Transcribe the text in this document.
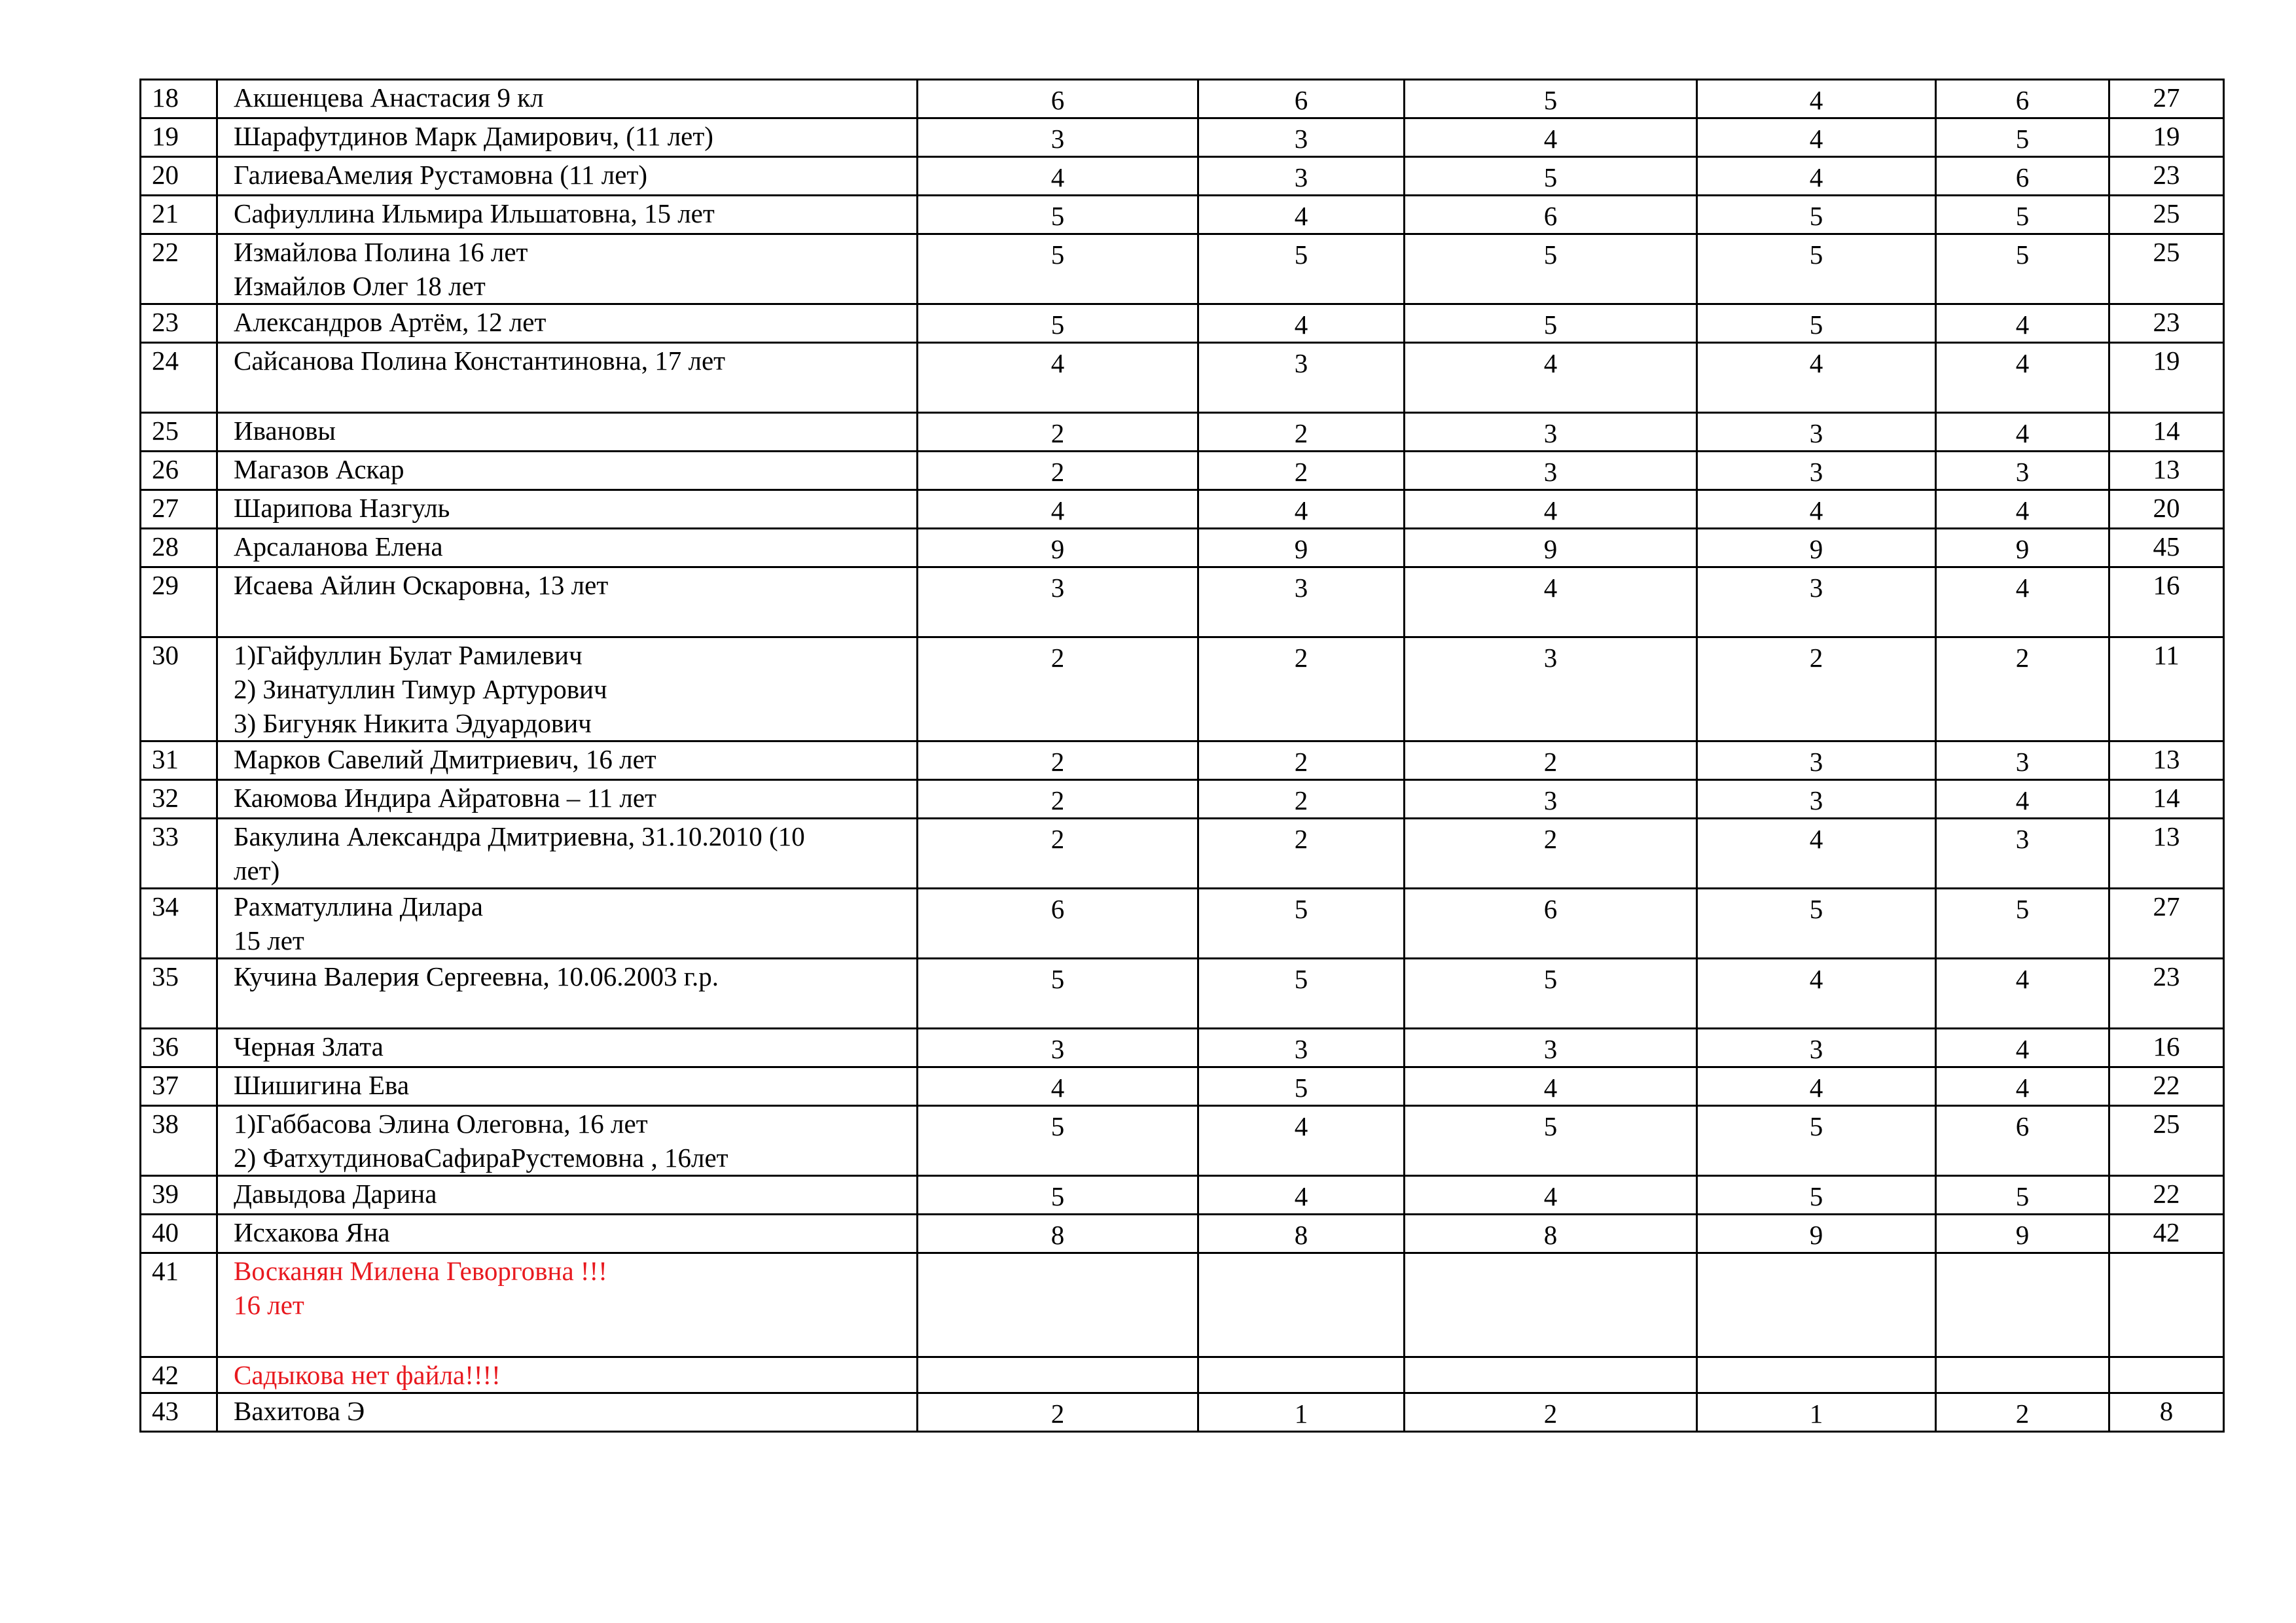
18	Акшенцева Анастасия 9 кл	6	6	5	4	6	27
19	Шарафутдинов Марк Дамирович, (11 лет)	3	3	4	4	5	19
20	ГалиеваАмелия Рустамовна (11 лет)	4	3	5	4	6	23
21	Сафиуллина Ильмира Ильшатовна, 15 лет	5	4	6	5	5	25
22	Измайлова Полина 16 лет
Измайлов Олег 18 лет	5	5	5	5	5	25
23	Александров Артём, 12 лет	5	4	5	5	4	23
24	Сайсанова Полина Константиновна, 17 лет	4	3	4	4	4	19
25	Ивановы	2	2	3	3	4	14
26	Магазов Аскар	2	2	3	3	3	13
27	Шарипова Назгуль	4	4	4	4	4	20
28	Арсаланова Елена	9	9	9	9	9	45
29	Исаева Айлин Оскаровна, 13 лет	3	3	4	3	4	16
30	1)Гайфуллин Булат Рамилевич
2) Зинатуллин Тимур Артурович
3) Бигуняк Никита Эдуардович	2	2	3	2	2	11
31	Марков Савелий Дмитриевич, 16 лет	2	2	2	3	3	13
32	Каюмова Индира Айратовна – 11 лет	2	2	3	3	4	14
33	Бакулина Александра Дмитриевна, 31.10.2010 (10
лет)	2	2	2	4	3	13
34	Рахматуллина Дилара
15 лет	6	5	6	5	5	27
35	Кучина Валерия Сергеевна, 10.06.2003 г.р.	5	5	5	4	4	23
36	Черная Злата	3	3	3	3	4	16
37	Шишигина Ева	4	5	4	4	4	22
38	1)Габбасова Элина Олеговна, 16 лет
2) ФатхутдиноваСафираРустемовна , 16лет	5	4	5	5	6	25
39	Давыдова Дарина	5	4	4	5	5	22
40	Исхакова Яна	8	8	8	9	9	42
41	Восканян Милена Геворговна !!!
16 лет						

42	Садыкова нет файла!!!!						

43	Вахитова Э	2	1	2	1	2	8
